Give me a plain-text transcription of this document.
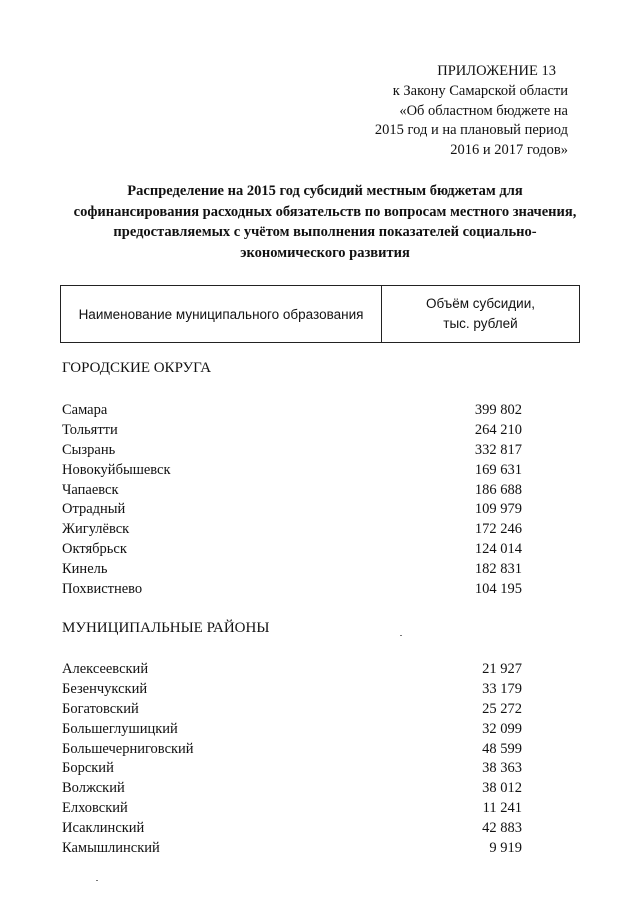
ПРИЛОЖЕНИЕ 13
к Закону Самарской области
«Об областном бюджете на
2015 год и на плановый период
2016 и 2017 годов»
Распределение на 2015 год субсидий местным бюджетам для
софинансирования расходных обязательств по вопросам местного значения,
предоставляемых с учётом выполнения показателей социально-
экономического развития
Наименование муниципального образования
Объём субсидии,
тыс. рублей
ГОРОДСКИЕ ОКРУГА
Самара	399 802
Тольятти	264 210
Сызрань	332 817
Новокуйбышевск	169 631
Чапаевск	186 688
Отрадный	109 979
Жигулёвск	172 246
Октябрьск	124 014
Кинель	182 831
Похвистнево	104 195
МУНИЦИПАЛЬНЫЕ РАЙОНЫ
Алексеевский	21 927
Безенчукский	33 179
Богатовский	25 272
Большеглушицкий	32 099
Большечерниговский	48 599
Борский	38 363
Волжский	38 012
Елховский	11 241
Исаклинский	42 883
Камышлинский	9 919
